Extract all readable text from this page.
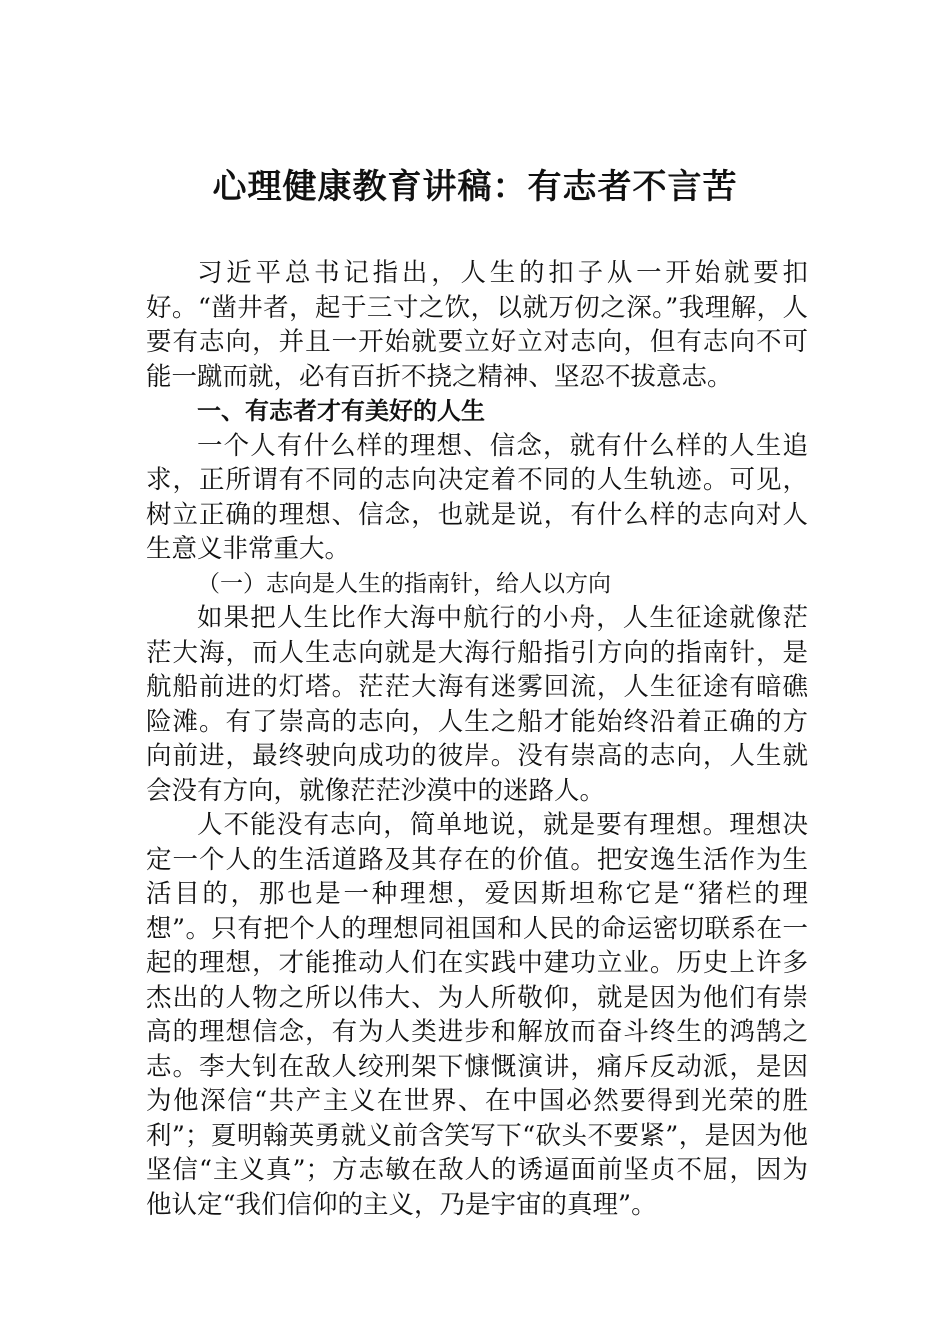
心理健康教育讲稿：有志者不言苦

习近平总书记指出，人生的扣子从一开始就要扣好。“凿井者，起于三寸之饮，以就万仞之深。”我理解，人要有志向，并且一开始就要立好立对志向，但有志向不可能一蹴而就，必有百折不挠之精神、坚忍不拔意志。

一、有志者才有美好的人生

一个人有什么样的理想、信念，就有什么样的人生追求，正所谓有不同的志向决定着不同的人生轨迹。可见，树立正确的理想、信念，也就是说，有什么样的志向对人生意义非常重大。

（一）志向是人生的指南针，给人以方向

如果把人生比作大海中航行的小舟，人生征途就像茫茫大海，而人生志向就是大海行船指引方向的指南针，是航船前进的灯塔。茫茫大海有迷雾回流，人生征途有暗礁险滩。有了崇高的志向，人生之船才能始终沿着正确的方向前进，最终驶向成功的彼岸。没有崇高的志向，人生就会没有方向，就像茫茫沙漠中的迷路人。

人不能没有志向，简单地说，就是要有理想。理想决定一个人的生活道路及其存在的价值。把安逸生活作为生活目的，那也是一种理想，爱因斯坦称它是“猪栏的理想”。只有把个人的理想同祖国和人民的命运密切联系在一起的理想，才能推动人们在实践中建功立业。历史上许多杰出的人物之所以伟大、为人所敬仰，就是因为他们有崇高的理想信念，有为人类进步和解放而奋斗终生的鸿鹄之志。李大钊在敌人绞刑架下慷慨演讲，痛斥反动派，是因为他深信“共产主义在世界、在中国必然要得到光荣的胜利”；夏明翰英勇就义前含笑写下“砍头不要紧”，是因为他坚信“主义真”；方志敏在敌人的诱逼面前坚贞不屈，因为他认定“我们信仰的主义，乃是宇宙的真理”。
